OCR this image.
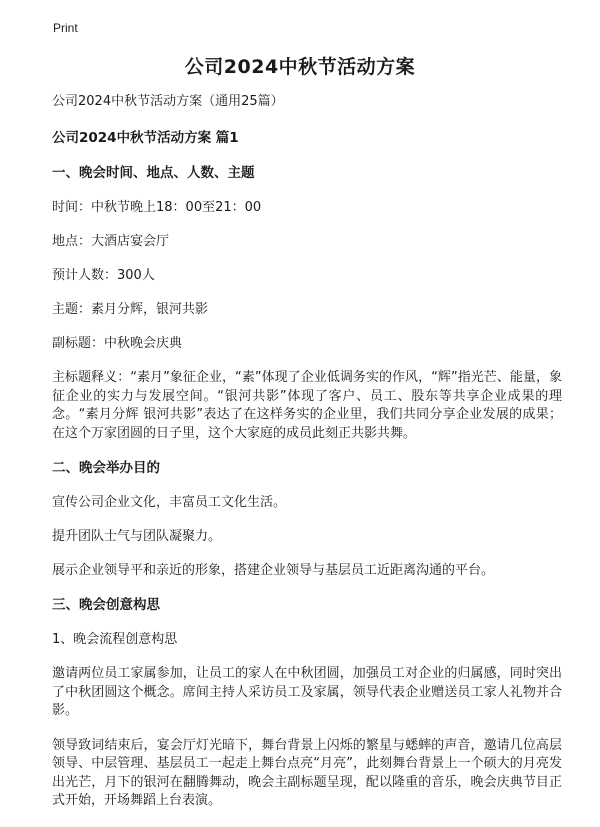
Print
公司2024中秋节活动方案

公司2024中秋节活动方案（通用25篇）

公司2024中秋节活动方案 篇1

一、晚会时间、地点、人数、主题

时间：中秋节晚上18：00至21：00

地点：大酒店宴会厅

预计人数：300人

主题：素月分辉，银河共影

副标题：中秋晚会庆典

主标题释义：“素月”象征企业，“素”体现了企业低调务实的作风，“辉”指光芒、能量，象征企业的实力与发展空间。“银河共影”体现了客户、员工、股东等共享企业成果的理念。“素月分辉 银河共影”表达了在这样务实的企业里，我们共同分享企业发展的成果；在这个万家团圆的日子里，这个大家庭的成员此刻正共影共舞。

二、晚会举办目的

宣传公司企业文化，丰富员工文化生活。

提升团队士气与团队凝聚力。

展示企业领导平和亲近的形象，搭建企业领导与基层员工近距离沟通的平台。

三、晚会创意构思

1、晚会流程创意构思

邀请两位员工家属参加，让员工的家人在中秋团圆，加强员工对企业的归属感，同时突出了中秋团圆这个概念。席间主持人采访员工及家属，领导代表企业赠送员工家人礼物并合影。

领导致词结束后，宴会厅灯光暗下，舞台背景上闪烁的繁星与蟋蟀的声音，邀请几位高层领导、中层管理、基层员工一起走上舞台点亮“月亮”，此刻舞台背景上一个硕大的月亮发出光芒，月下的银河在翻腾舞动，晚会主副标题呈现，配以隆重的音乐，晚会庆典节目正式开始，开场舞蹈上台表演。
